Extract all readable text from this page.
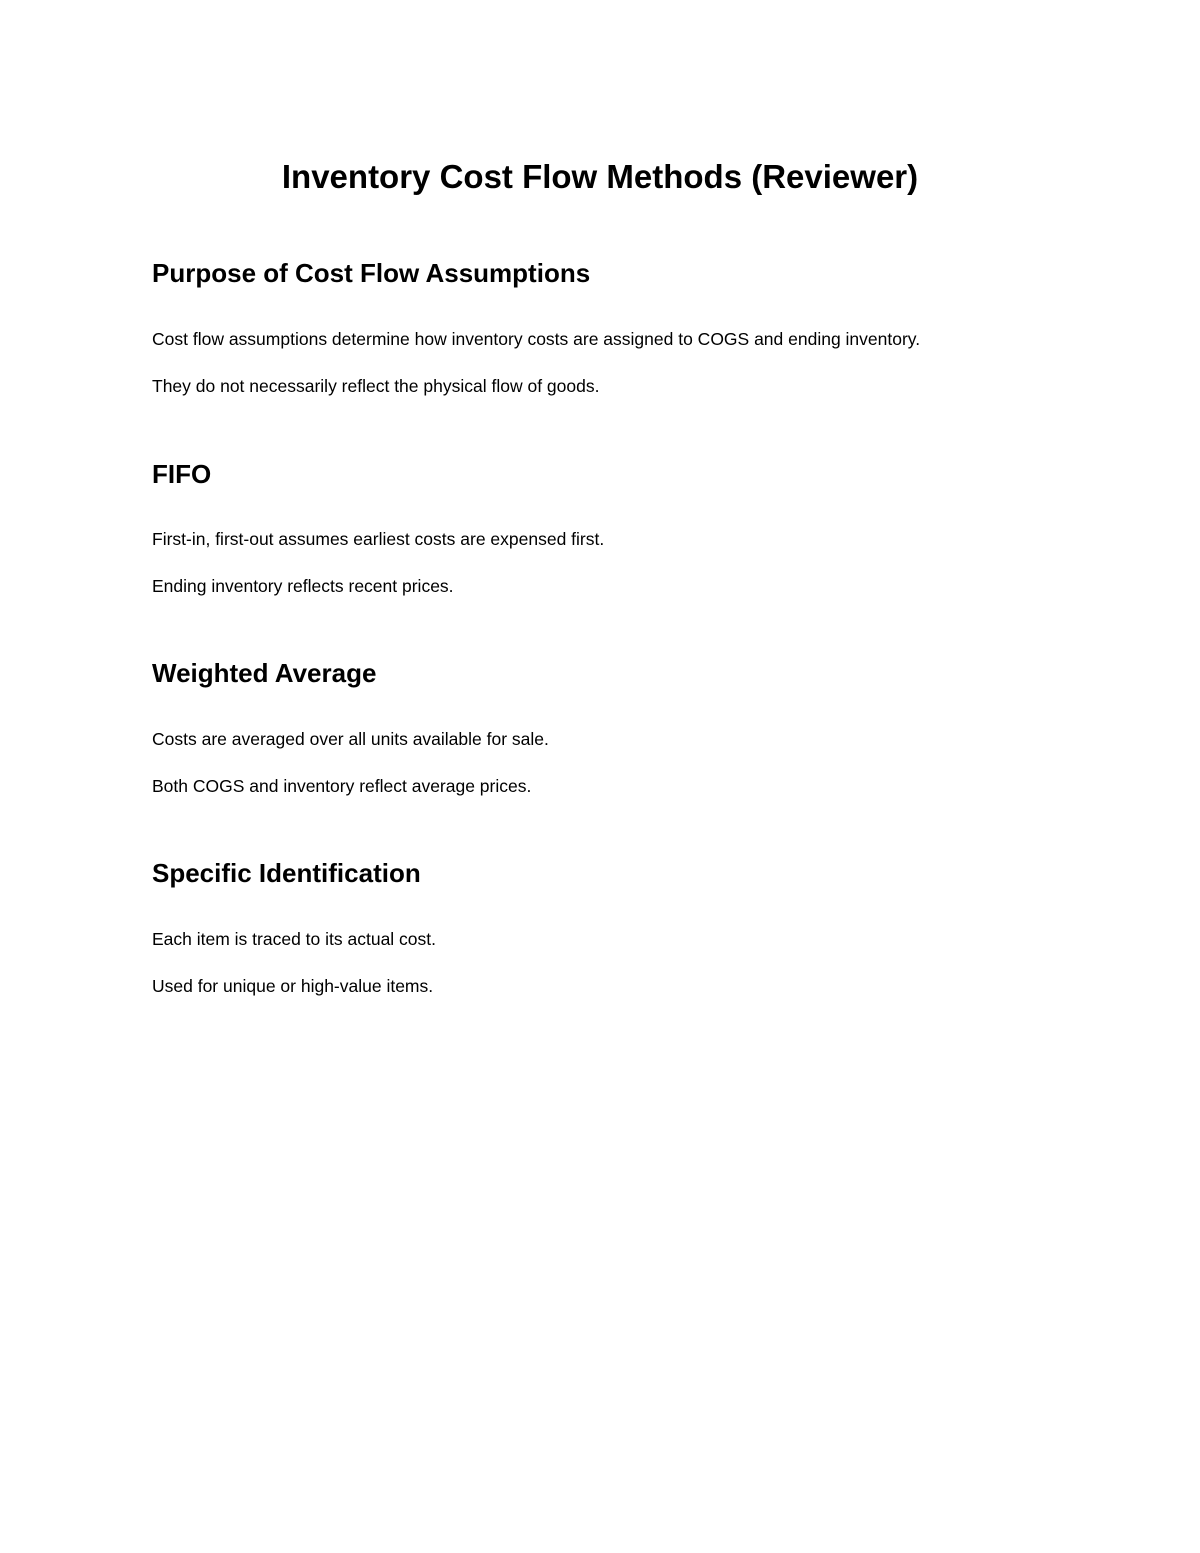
Inventory Cost Flow Methods (Reviewer)
Purpose of Cost Flow Assumptions

Cost flow assumptions determine how inventory costs are assigned to COGS and ending inventory.

They do not necessarily reflect the physical flow of goods.

FIFO

First-in, first-out assumes earliest costs are expensed first.

Ending inventory reflects recent prices.

Weighted Average

Costs are averaged over all units available for sale.

Both COGS and inventory reflect average prices.

Specific Identification

Each item is traced to its actual cost.

Used for unique or high-value items.
